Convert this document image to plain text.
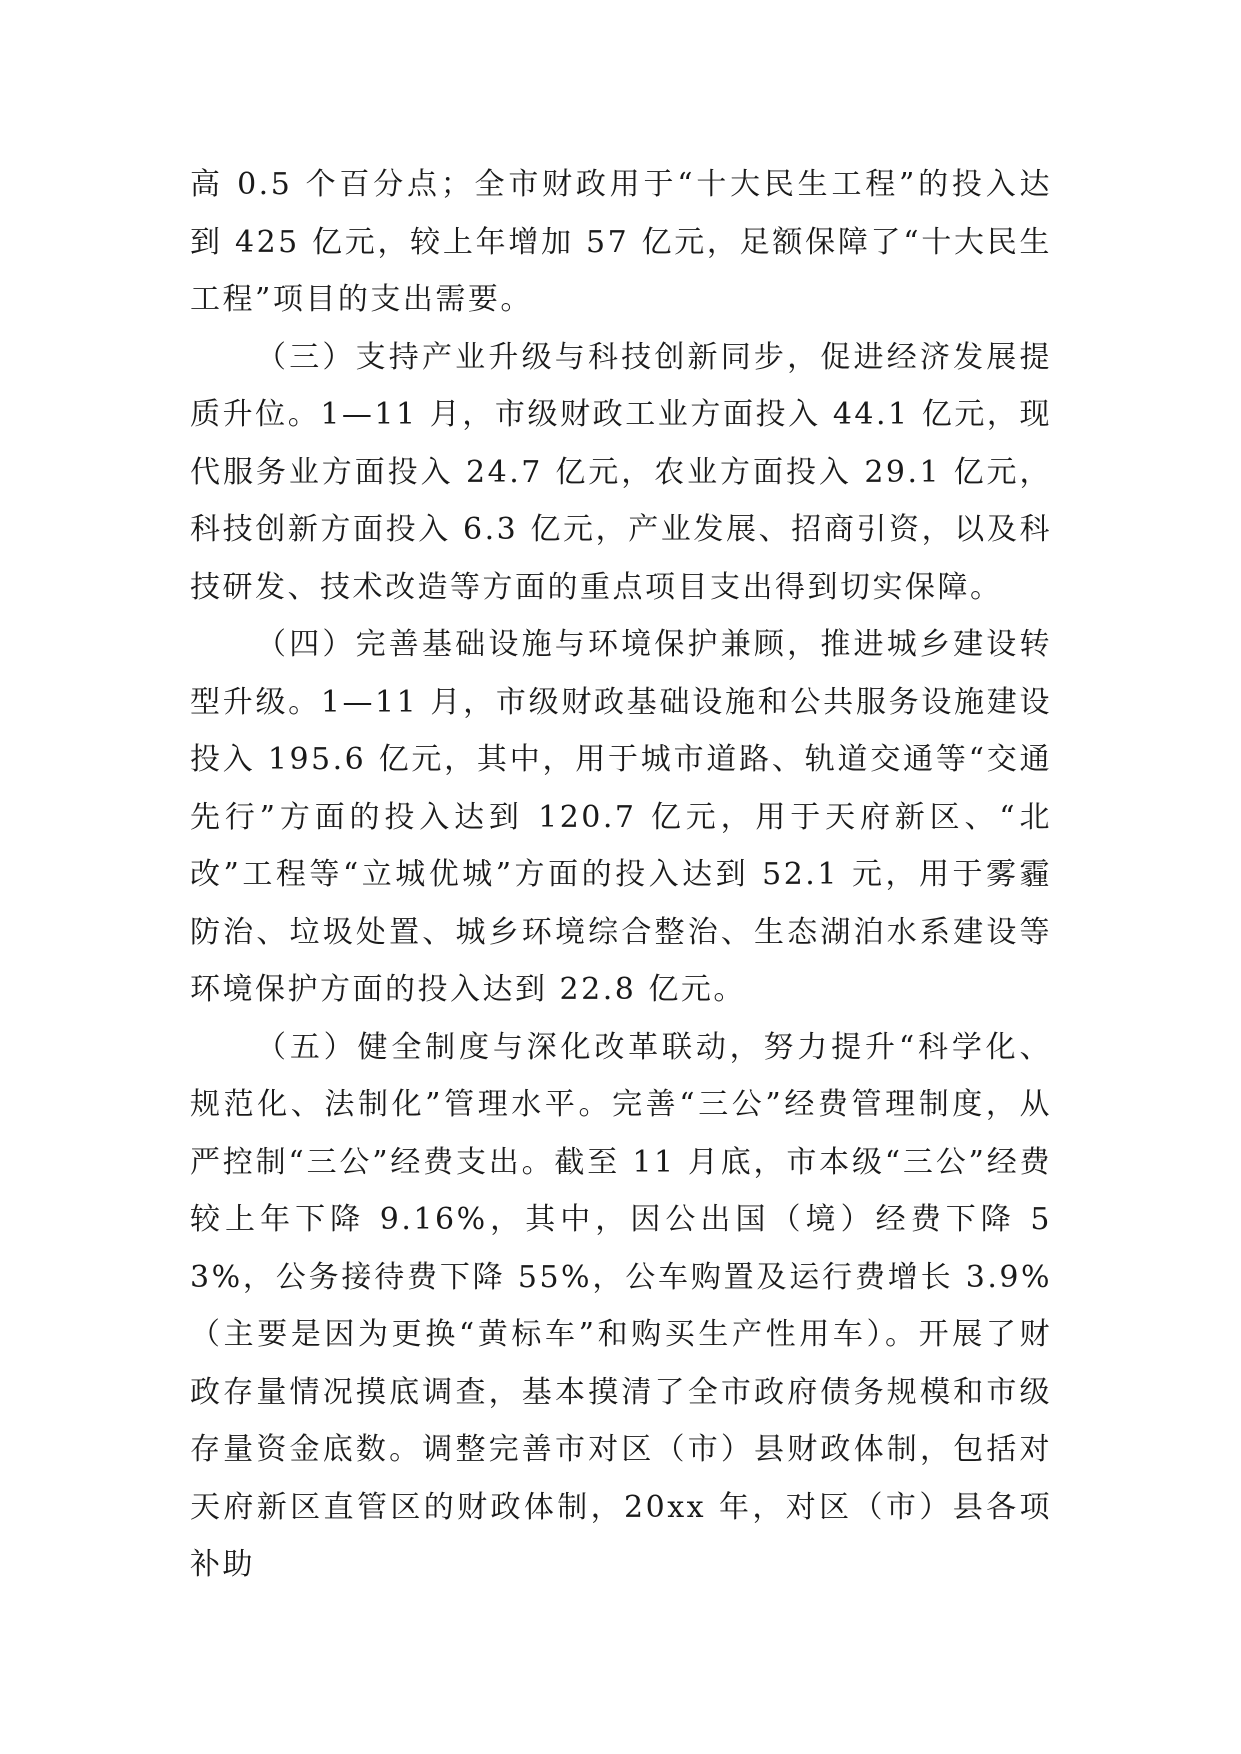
高 0.5 个百分点；全市财政用于“十大民生工程”的投入达到 425 亿元，较上年增加 57 亿元，足额保障了“十大民生工程”项目的支出需要。

（三）支持产业升级与科技创新同步，促进经济发展提质升位。1—11 月，市级财政工业方面投入 44.1 亿元，现代服务业方面投入 24.7 亿元，农业方面投入 29.1 亿元，科技创新方面投入 6.3 亿元，产业发展、招商引资，以及科技研发、技术改造等方面的重点项目支出得到切实保障。

（四）完善基础设施与环境保护兼顾，推进城乡建设转型升级。1—11 月，市级财政基础设施和公共服务设施建设投入 195.6 亿元，其中，用于城市道路、轨道交通等“交通先行”方面的投入达到 120.7 亿元，用于天府新区、“北改”工程等“立城优城”方面的投入达到 52.1 元，用于雾霾防治、垃圾处置、城乡环境综合整治、生态湖泊水系建设等环境保护方面的投入达到 22.8 亿元。

（五）健全制度与深化改革联动，努力提升“科学化、规范化、法制化”管理水平。完善“三公”经费管理制度，从严控制“三公”经费支出。截至 11 月底，市本级“三公”经费较上年下降 9.16%，其中，因公出国（境）经费下降 53%，公务接待费下降 55%，公车购置及运行费增长 3.9%（主要是因为更换“黄标车”和购买生产性用车）。开展了财政存量情况摸底调查，基本摸清了全市政府债务规模和市级存量资金底数。调整完善市对区（市）县财政体制，包括对天府新区直管区的财政体制，20xx 年，对区（市）县各项补助
